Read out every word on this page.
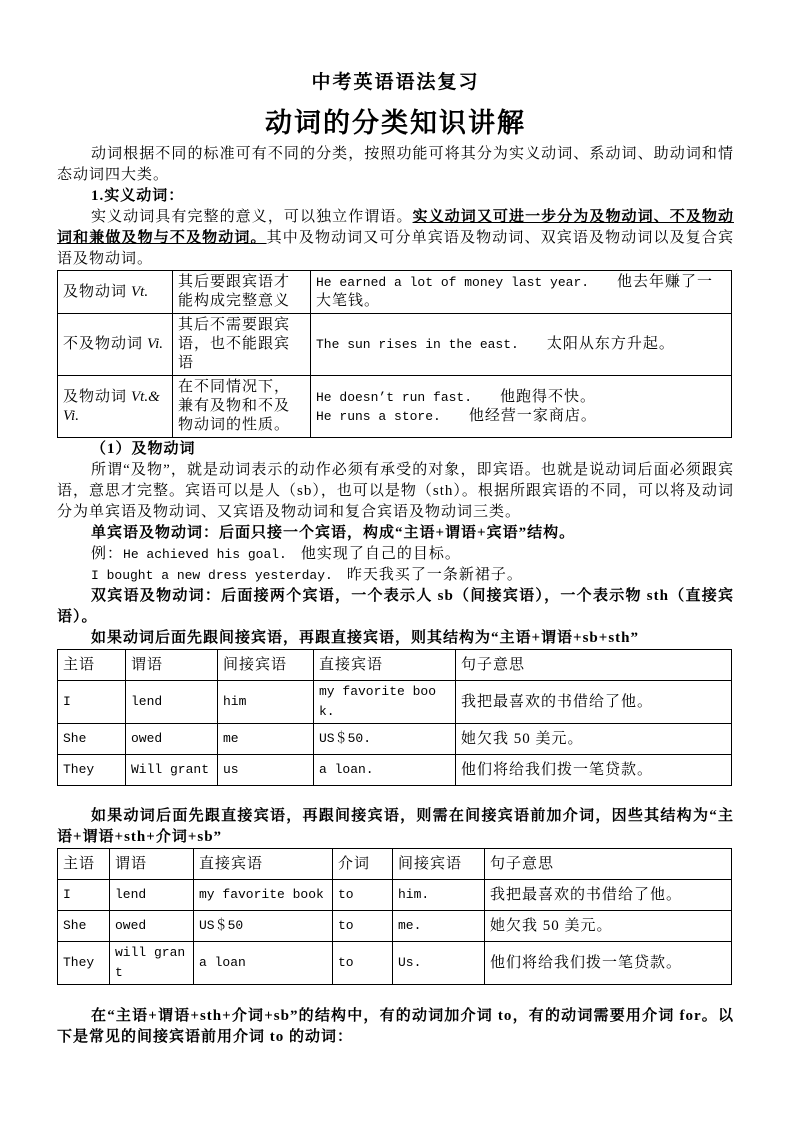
中考英语语法复习
动词的分类知识讲解

动词根据不同的标准可有不同的分类，按照功能可将其分为实义动词、系动词、助动词和情态动词四大类。

1.实义动词：

实义动词具有完整的意义，可以独立作谓语。实义动词又可进一步分为及物动词、不及物动词和兼做及物与不及物动词。其中及物动词又可分单宾语及物动词、双宾语及物动词以及复合宾语及物动词。

及物动词 Vt.	其后要跟宾语才能构成完整意义	He earned a lot of money last year. 他去年赚了一大笔钱。

不及物动词 Vi.	其后不需要跟宾语，也不能跟宾语	The sun rises in the east. 太阳从东方升起。

及物动词 Vt.& Vi.	在不同情况下，兼有及物和不及物动词的性质。	He doesn’t run fast. 他跑得不快。
He runs a store. 他经营一家商店。

（1）及物动词

所谓“及物”，就是动词表示的动作必须有承受的对象，即宾语。也就是说动词后面必须跟宾语，意思才完整。宾语可以是人（sb），也可以是物（sth）。根据所跟宾语的不同，可以将及动词分为单宾语及物动词、又宾语及物动词和复合宾语及物动词三类。

单宾语及物动词：后面只接一个宾语，构成“主语+谓语+宾语”结构。

例：He achieved his goal. 他实现了自己的目标。

I bought a new dress yesterday. 昨天我买了一条新裙子。

双宾语及物动词：后面接两个宾语，一个表示人 sb（间接宾语），一个表示物 sth（直接宾语）。

如果动词后面先跟间接宾语，再跟直接宾语，则其结构为“主语+谓语+sb+sth”

主语	谓语	间接宾语	直接宾语	句子意思
I	lend	him	my favorite book.	我把最喜欢的书借给了他。
She	owed	me	US＄50.	她欠我 50 美元。
They	Will grant	us	a loan.	他们将给我们拨一笔贷款。

如果动词后面先跟直接宾语，再跟间接宾语，则需在间接宾语前加介词，因些其结构为“主语+谓语+sth+介词+sb”

主语	谓语	直接宾语	介词	间接宾语	句子意思
I	lend	my favorite book	to	him.	我把最喜欢的书借给了他。
She	owed	US＄50	to	me.	她欠我 50 美元。
They	will grant	a loan	to	Us.	他们将给我们拨一笔贷款。

在“主语+谓语+sth+介词+sb”的结构中，有的动词加介词 to，有的动词需要用介词 for。以下是常见的间接宾语前用介词 to 的动词：
